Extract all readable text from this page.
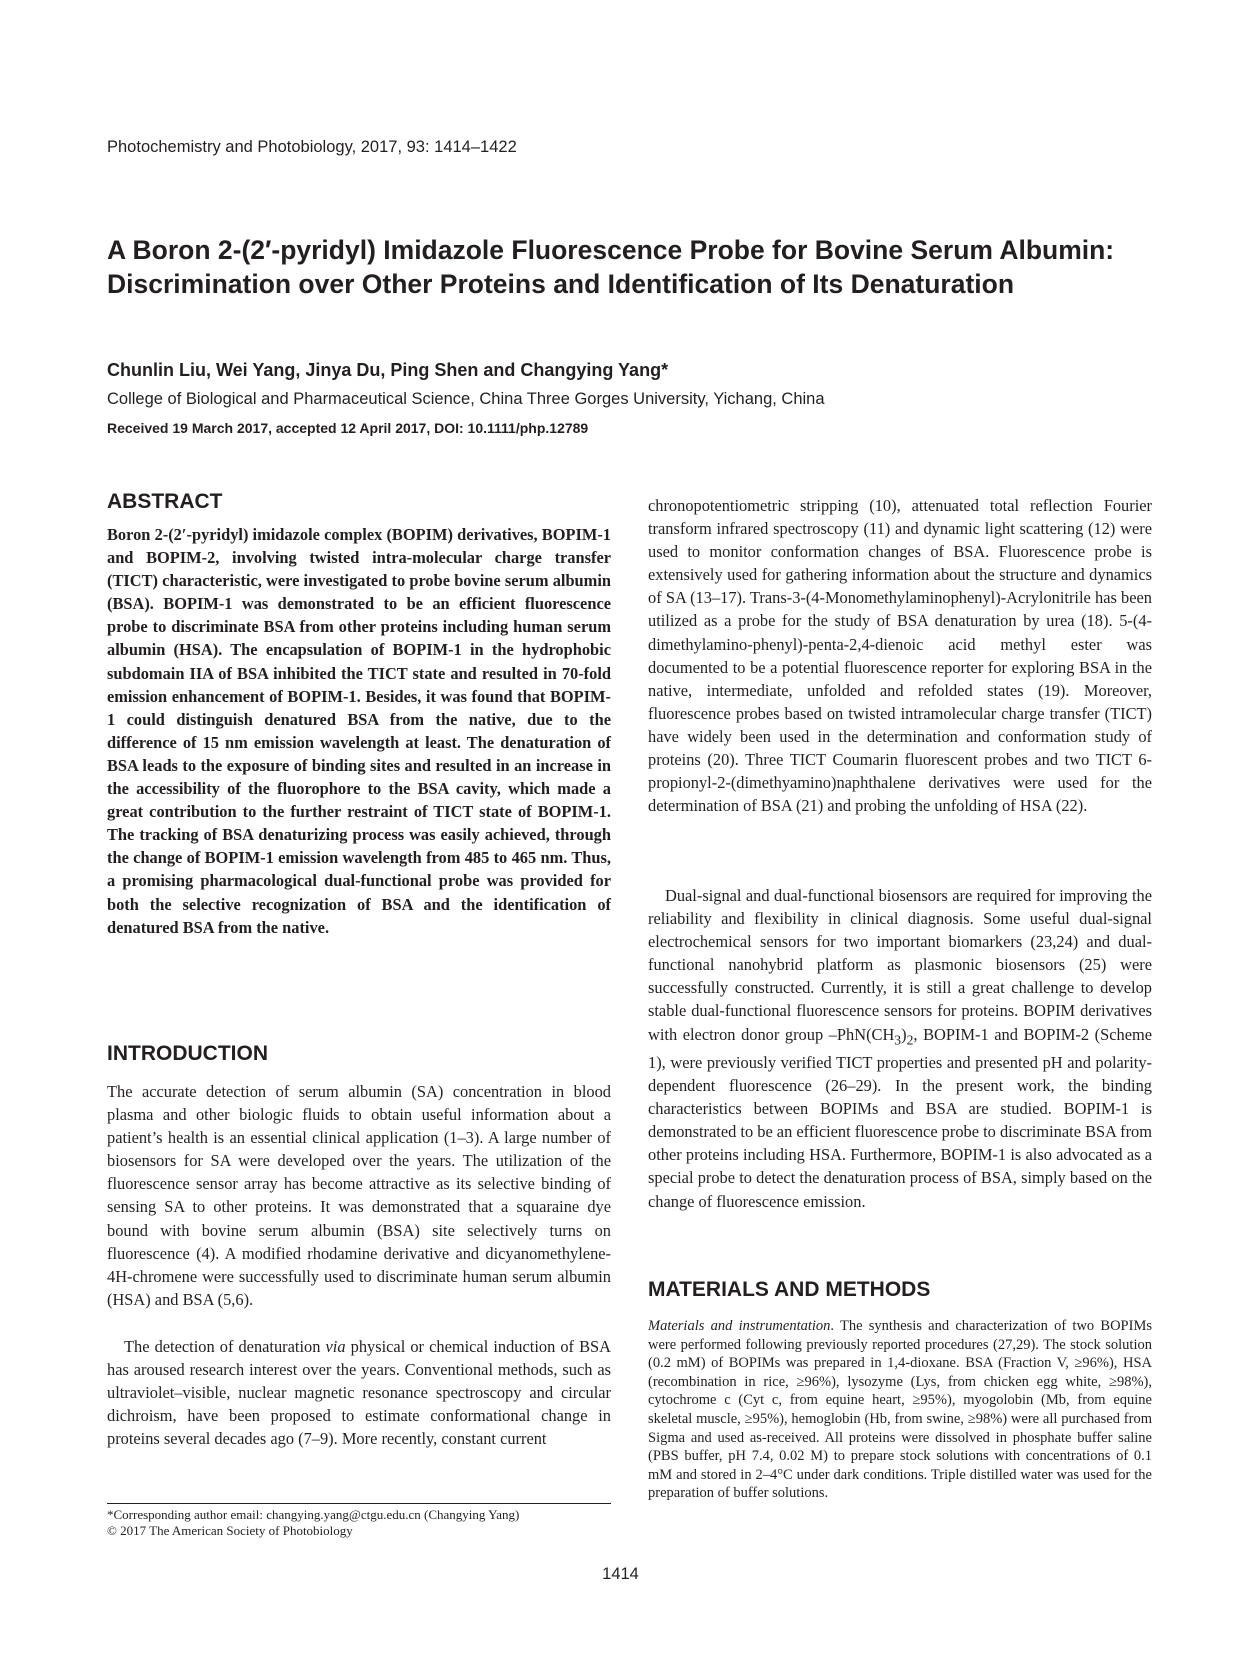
Photochemistry and Photobiology, 2017, 93: 1414–1422
A Boron 2-(2′-pyridyl) Imidazole Fluorescence Probe for Bovine Serum Albumin: Discrimination over Other Proteins and Identification of Its Denaturation
Chunlin Liu, Wei Yang, Jinya Du, Ping Shen and Changying Yang*
College of Biological and Pharmaceutical Science, China Three Gorges University, Yichang, China
Received 19 March 2017, accepted 12 April 2017, DOI: 10.1111/php.12789
ABSTRACT

Boron 2-(2′-pyridyl) imidazole complex (BOPIM) derivatives, BOPIM-1 and BOPIM-2, involving twisted intra-molecular charge transfer (TICT) characteristic, were investigated to probe bovine serum albumin (BSA). BOPIM-1 was demonstrated to be an efficient fluorescence probe to discriminate BSA from other proteins including human serum albumin (HSA). The encapsulation of BOPIM-1 in the hydrophobic subdomain IIA of BSA inhibited the TICT state and resulted in 70-fold emission enhancement of BOPIM-1. Besides, it was found that BOPIM-1 could distinguish denatured BSA from the native, due to the difference of 15 nm emission wavelength at least. The denaturation of BSA leads to the exposure of binding sites and resulted in an increase in the accessibility of the fluorophore to the BSA cavity, which made a great contribution to the further restraint of TICT state of BOPIM-1. The tracking of BSA denaturizing process was easily achieved, through the change of BOPIM-1 emission wavelength from 485 to 465 nm. Thus, a promising pharmacological dual-functional probe was provided for both the selective recognization of BSA and the identification of denatured BSA from the native.

INTRODUCTION

The accurate detection of serum albumin (SA) concentration in blood plasma and other biologic fluids to obtain useful information about a patient’s health is an essential clinical application (1–3). A large number of biosensors for SA were developed over the years. The utilization of the fluorescence sensor array has become attractive as its selective binding of sensing SA to other proteins. It was demonstrated that a squaraine dye bound with bovine serum albumin (BSA) site selectively turns on fluorescence (4). A modified rhodamine derivative and dicyanomethylene-4H-chromene were successfully used to discriminate human serum albumin (HSA) and BSA (5,6).

The detection of denaturation via physical or chemical induction of BSA has aroused research interest over the years. Conventional methods, such as ultraviolet–visible, nuclear magnetic resonance spectroscopy and circular dichroism, have been proposed to estimate conformational change in proteins several decades ago (7–9). More recently, constant current

*Corresponding author email: changying.yang@ctgu.edu.cn (Changying Yang)
© 2017 The American Society of Photobiology

chronopotentiometric stripping (10), attenuated total reflection Fourier transform infrared spectroscopy (11) and dynamic light scattering (12) were used to monitor conformation changes of BSA. Fluorescence probe is extensively used for gathering information about the structure and dynamics of SA (13–17). Trans-3-(4-Monomethylaminophenyl)-Acrylonitrile has been utilized as a probe for the study of BSA denaturation by urea (18). 5-(4-dimethylamino-phenyl)-penta-2,4-dienoic acid methyl ester was documented to be a potential fluorescence reporter for exploring BSA in the native, intermediate, unfolded and refolded states (19). Moreover, fluorescence probes based on twisted intramolecular charge transfer (TICT) have widely been used in the determination and conformation study of proteins (20). Three TICT Coumarin fluorescent probes and two TICT 6-propionyl-2-(dimethyamino)naphthalene derivatives were used for the determination of BSA (21) and probing the unfolding of HSA (22).

Dual-signal and dual-functional biosensors are required for improving the reliability and flexibility in clinical diagnosis. Some useful dual-signal electrochemical sensors for two important biomarkers (23,24) and dual-functional nanohybrid platform as plasmonic biosensors (25) were successfully constructed. Currently, it is still a great challenge to develop stable dual-functional fluorescence sensors for proteins. BOPIM derivatives with electron donor group $-PhN(CH_3)_2$, BOPIM-1 and BOPIM-2 (Scheme 1), were previously verified TICT properties and presented pH and polarity-dependent fluorescence (26–29). In the present work, the binding characteristics between BOPIMs and BSA are studied. BOPIM-1 is demonstrated to be an efficient fluorescence probe to discriminate BSA from other proteins including HSA. Furthermore, BOPIM-1 is also advocated as a special probe to detect the denaturation process of BSA, simply based on the change of fluorescence emission.

MATERIALS AND METHODS

Materials and instrumentation. The synthesis and characterization of two BOPIMs were performed following previously reported procedures (27,29). The stock solution (0.2 mM) of BOPIMs was prepared in 1,4-dioxane. BSA (Fraction V, ≥96%), HSA (recombination in rice, ≥96%), lysozyme (Lys, from chicken egg white, ≥98%), cytochrome c (Cyt c, from equine heart, ≥95%), myogolobin (Mb, from equine skeletal muscle, ≥95%), hemoglobin (Hb, from swine, ≥98%) were all purchased from Sigma and used as-received. All proteins were dissolved in phosphate buffer saline (PBS buffer, pH 7.4, 0.02 M) to prepare stock solutions with concentrations of 0.1 mM and stored in 2–4°C under dark conditions. Triple distilled water was used for the preparation of buffer solutions.

1414
